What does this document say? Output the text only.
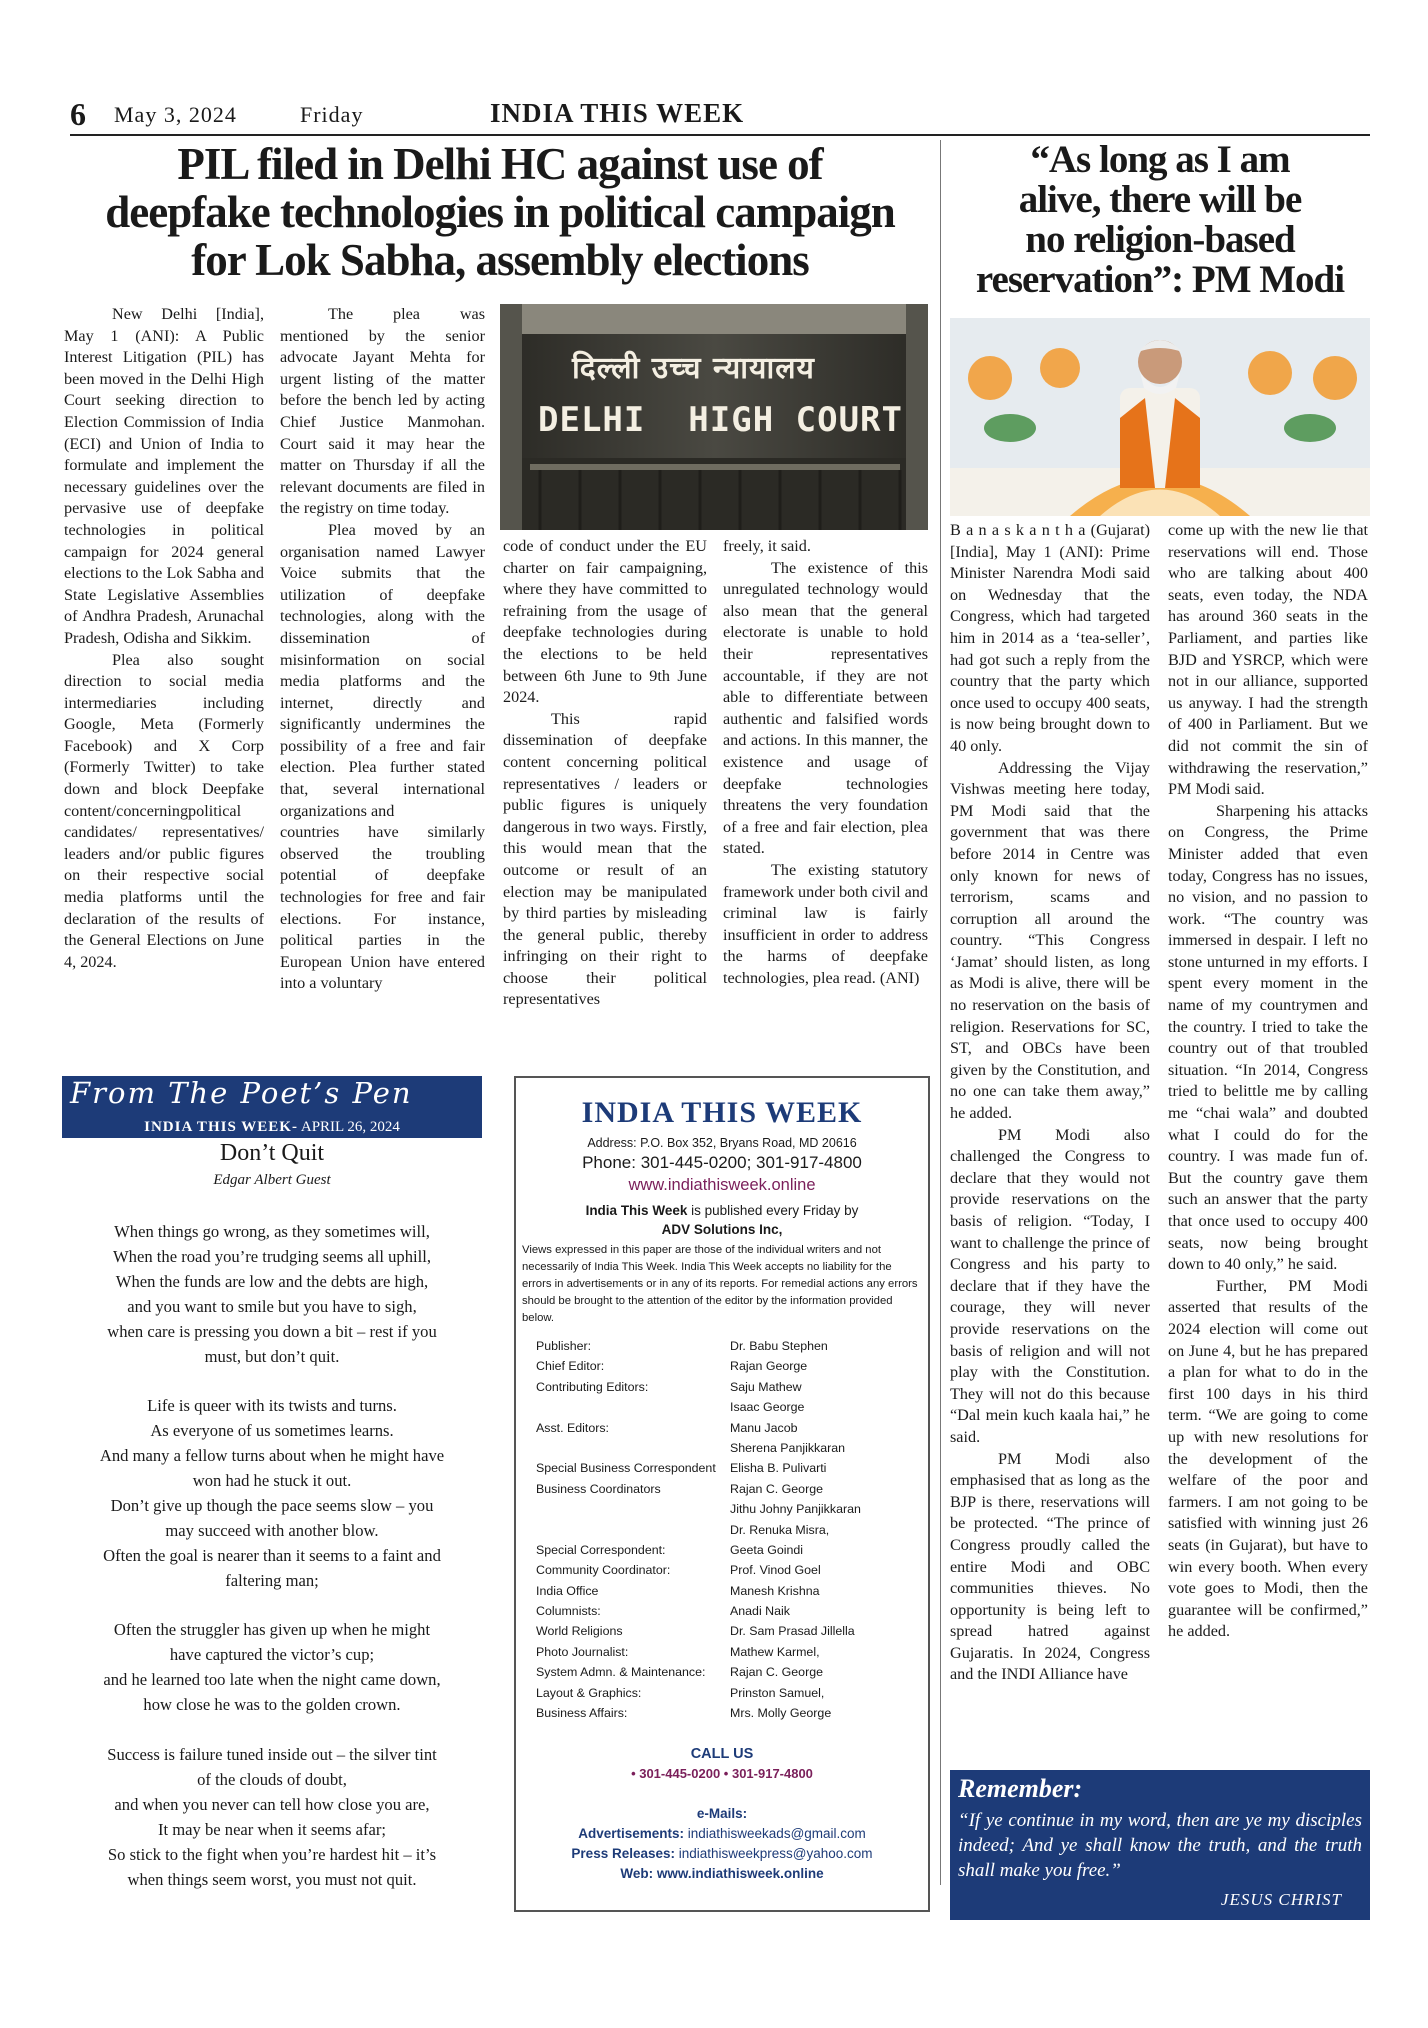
6 May 3, 2024	Friday	INDIA THIS WEEK
PIL filed in Delhi HC against use of
deepfake technologies in political campaign
for Lok Sabha, assembly elections

New Delhi [India], May 1 (ANI): A Public Interest Litigation (PIL) has been moved in the Delhi High Court seeking direction to Election Commission of India (ECI) and Union of India to formulate and implement the necessary guidelines over the pervasive use of deepfake technologies in political campaign for 2024 general elections to the Lok Sabha and State Legislative Assemblies of Andhra Pradesh, Arunachal Pradesh, Odisha and Sikkim.

Plea also sought direction to social media intermediaries including Google, Meta (Formerly Facebook) and X Corp (Formerly Twitter) to take down and block Deepfake content/concerningpolitical candidates/ representatives/ leaders and/or public figures on their respective social media platforms until the declaration of the results of the General Elections on June 4, 2024.

The plea was mentioned by the senior advocate Jayant Mehta for urgent listing of the matter before the bench led by acting Chief Justice Manmohan. Court said it may hear the matter on Thursday if all the relevant documents are filed in the registry on time today.

Plea moved by an organisation named Lawyer Voice submits that the utilization of deepfake technologies, along with the dissemination of misinformation on social media platforms and the internet, directly and significantly undermines the possibility of a free and fair election. Plea further stated that, several international organizations and

countries have similarly observed the troubling potential of deepfake technologies for free and fair elections. For instance, political parties in the European Union have entered into a voluntary

दिल्ली उच्च न्यायालय
DELHI  HIGH COURT

code of conduct under the EU charter on fair campaigning, where they have committed to refraining from the usage of deepfake technologies during the elections to be held between 6th June to 9th June 2024.

This rapid dissemination of deepfake content concerning political representatives / leaders or public figures is uniquely dangerous in two ways. Firstly, this would mean that the outcome or result of an election may be manipulated by third parties by misleading the general public, thereby infringing on their right to choose their political representatives

freely, it said.

The existence of this unregulated technology would also mean that the general electorate is unable to hold their representatives accountable, if they are not able to differentiate between authentic and falsified words and actions. In this manner, the existence and usage of deepfake technologies threatens the very foundation of a free and fair election, plea stated.

The existing statutory framework under both civil and criminal law is fairly insufficient in order to address the harms of deepfake technologies, plea read. (ANI)

“As long as I am
alive, there will be
no religion-based
reservation”: PM Modi

B a n a s k a n t h a (Gujarat) [India], May 1 (ANI): Prime Minister Narendra Modi said on Wednesday that the Congress, which had targeted him in 2014 as a ‘tea-seller’, had got such a reply from the country that the party which once used to occupy 400 seats, is now being brought down to 40 only.

Addressing the Vijay Vishwas meeting here today, PM Modi said that the government that was there before 2014 in Centre was only known for news of terrorism, scams and corruption all around the country. “This Congress ‘Jamat’ should listen, as long as Modi is alive, there will be no reservation on the basis of religion. Reservations for SC, ST, and OBCs have been given by the Constitution, and no one can take them away,” he added.

PM Modi also challenged the Congress to declare that they would not provide reservations on the basis of religion. “Today, I want to challenge the prince of Congress and his party to declare that if they have the courage, they will never provide reservations on the basis of religion and will not play with the Constitution. They will not do this because “Dal mein kuch kaala hai,” he said.

PM Modi also emphasised that as long as the BJP is there, reservations will be protected. “The prince of Congress proudly called the entire Modi and OBC communities thieves. No opportunity is being left to spread hatred against Gujaratis. In 2024, Congress and the INDI Alliance have

come up with the new lie that reservations will end. Those who are talking about 400 seats, even today, the NDA has around 360 seats in the Parliament, and parties like BJD and YSRCP, which were not in our alliance, supported us anyway. I had the strength of 400 in Parliament. But we did not commit the sin of withdrawing the reservation,” PM Modi said.

Sharpening his attacks on Congress, the Prime Minister added that even today, Congress has no issues, no vision, and no passion to work. “The country was immersed in despair. I left no stone unturned in my efforts. I spent every moment in the name of my countrymen and the country. I tried to take the country out of that troubled situation. “In 2014, Congress tried to belittle me by calling me “chai wala” and doubted what I could do for the country. I was made fun of. But the country gave them such an answer that the party that once used to occupy 400 seats, now being brought down to 40 only,” he said.

Further, PM Modi asserted that results of the 2024 election will come out on June 4, but he has prepared a plan for what to do in the first 100 days in his third term. “We are going to come up with new resolutions for the development of the welfare of the poor and farmers. I am not going to be satisfied with winning just 26 seats (in Gujarat), but have to win every booth. When every vote goes to Modi, then the guarantee will be confirmed,” he added.

From The Poet’s Pen
INDIA THIS WEEK- APRIL 26, 2024
Don’t Quit
Edgar Albert Guest
When things go wrong, as they sometimes will,
When the road you’re trudging seems all uphill,
When the funds are low and the debts are high,
and you want to smile but you have to sigh,
when care is pressing you down a bit – rest if you
must, but don’t quit.
Life is queer with its twists and turns.
As everyone of us sometimes learns.
And many a fellow turns about when he might have
won had he stuck it out.
Don’t give up though the pace seems slow – you
may succeed with another blow.
Often the goal is nearer than it seems to a faint and
faltering man;
Often the struggler has given up when he might
have captured the victor’s cup;
and he learned too late when the night came down,
how close he was to the golden crown.
Success is failure tuned inside out – the silver tint
of the clouds of doubt,
and when you never can tell how close you are,
It may be near when it seems afar;
So stick to the fight when you’re hardest hit – it’s
when things seem worst, you must not quit.
INDIA THIS WEEK
Address: P.O. Box 352, Bryans Road, MD 20616
Phone: 301-445-0200; 301-917-4800
www.indiathisweek.online
India This Week is published every Friday by
ADV Solutions Inc,
Views expressed in this paper are those of the individual writers and not necessarily of India This Week. India This Week accepts no liability for the errors in advertisements or in any of its reports. For remedial actions any errors should be brought to the attention of the editor by the information provided below.
Publisher:
Chief Editor:
Contributing Editors:
Asst. Editors:
Special Business Correspondent
Business Coordinators
Special Correspondent:
Community Coordinator:
India Office
Columnists:
World Religions
Photo Journalist:
System Admn. & Maintenance:
Layout & Graphics:
Business Affairs:
Dr. Babu Stephen
Rajan George
Saju Mathew
Isaac George
Manu Jacob
Sherena Panjikkaran
Elisha B. Pulivarti
Rajan C. George
Jithu Johny Panjikkaran
Dr. Renuka Misra,
Geeta Goindi
Prof. Vinod Goel
Manesh Krishna
Anadi Naik
Dr. Sam Prasad Jillella
Mathew Karmel,
Rajan C. George
Prinston Samuel,
Mrs. Molly George
CALL US
• 301-445-0200 • 301-917-4800
e-Mails:
Advertisements: indiathisweekads@gmail.com
Press Releases: indiathisweekpress@yahoo.com
Web: www.indiathisweek.online
Remember:
“If ye continue in my word, then are ye my disciples indeed; And ye shall know the truth, and the truth shall make you free.”
JESUS CHRIST
